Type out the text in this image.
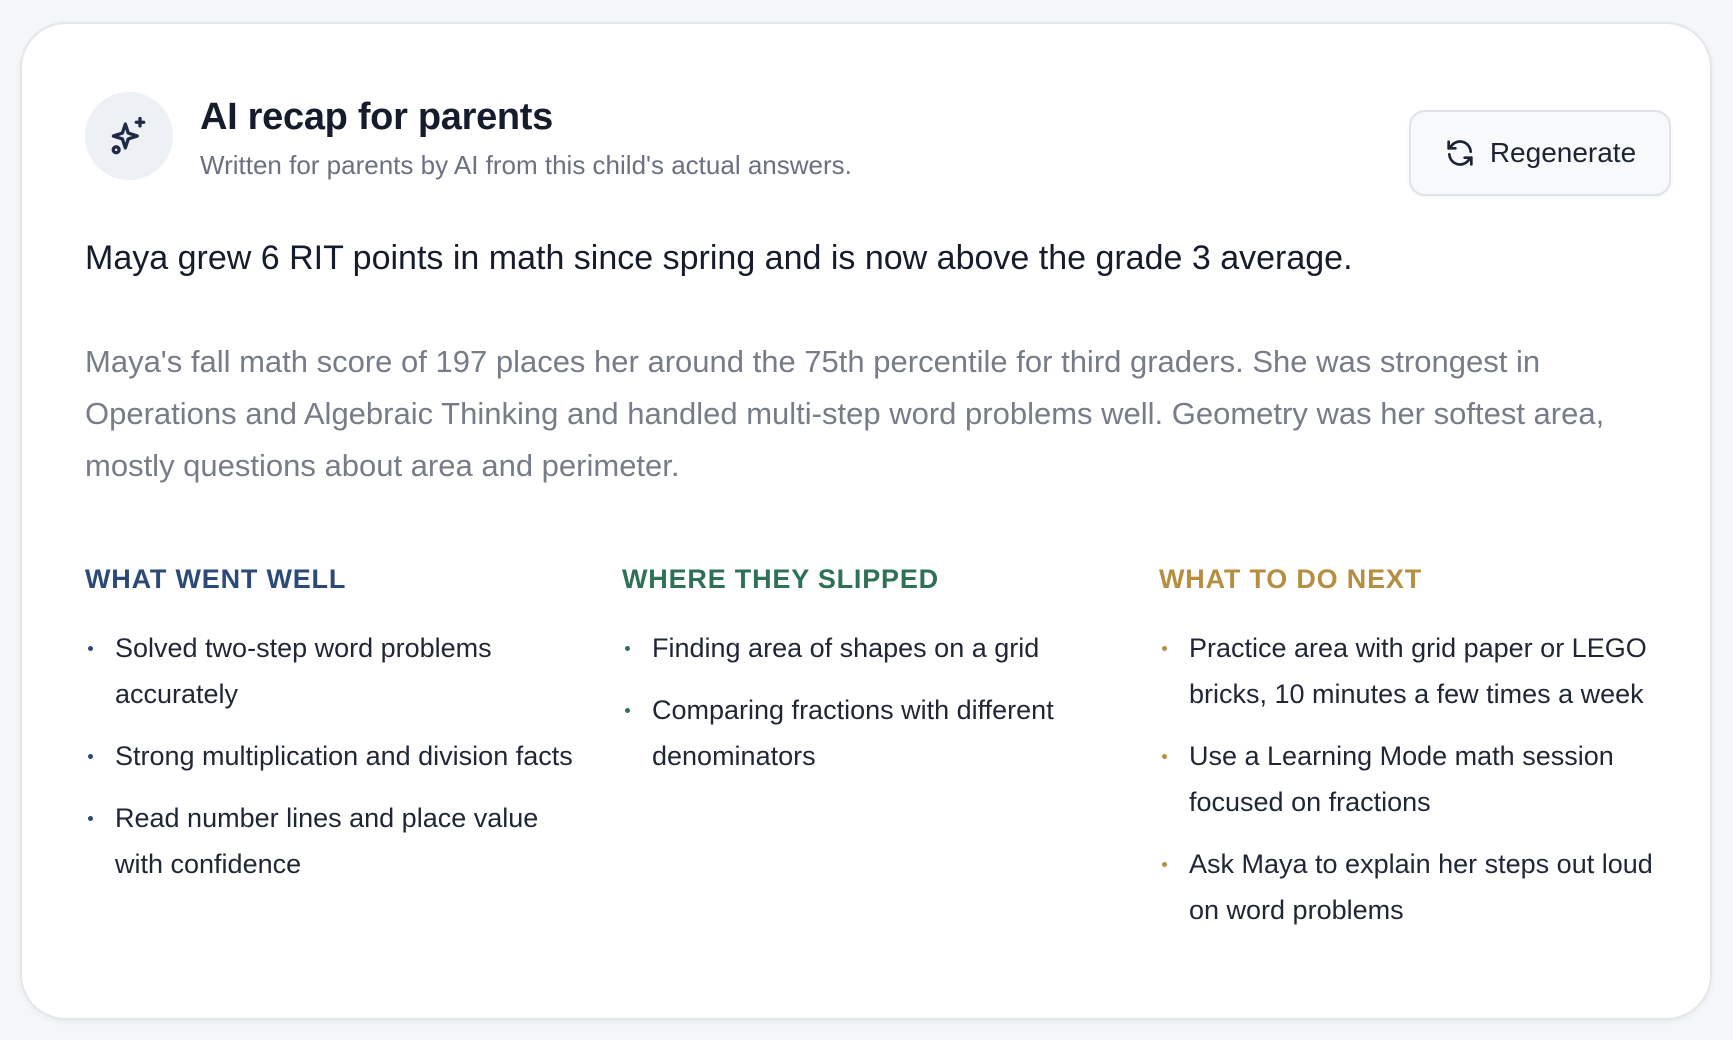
AI recap for parents
Written for parents by AI from this child's actual answers.	Regenerate
Maya grew 6 RIT points in math since spring and is now above the grade 3 average.
Maya's fall math score of 197 places her around the 75th percentile for third graders. She was strongest in Operations and Algebraic Thinking and handled multi-step word problems well. Geometry was her softest area, mostly questions about area and perimeter.
WHAT WENT WELL
Solved two-step word problems accurately
Strong multiplication and division facts
Read number lines and place value with confidence
WHERE THEY SLIPPED
Finding area of shapes on a grid
Comparing fractions with different denominators
WHAT TO DO NEXT
Practice area with grid paper or LEGO bricks, 10 minutes a few times a week
Use a Learning Mode math session focused on fractions
Ask Maya to explain her steps out loud on word problems
